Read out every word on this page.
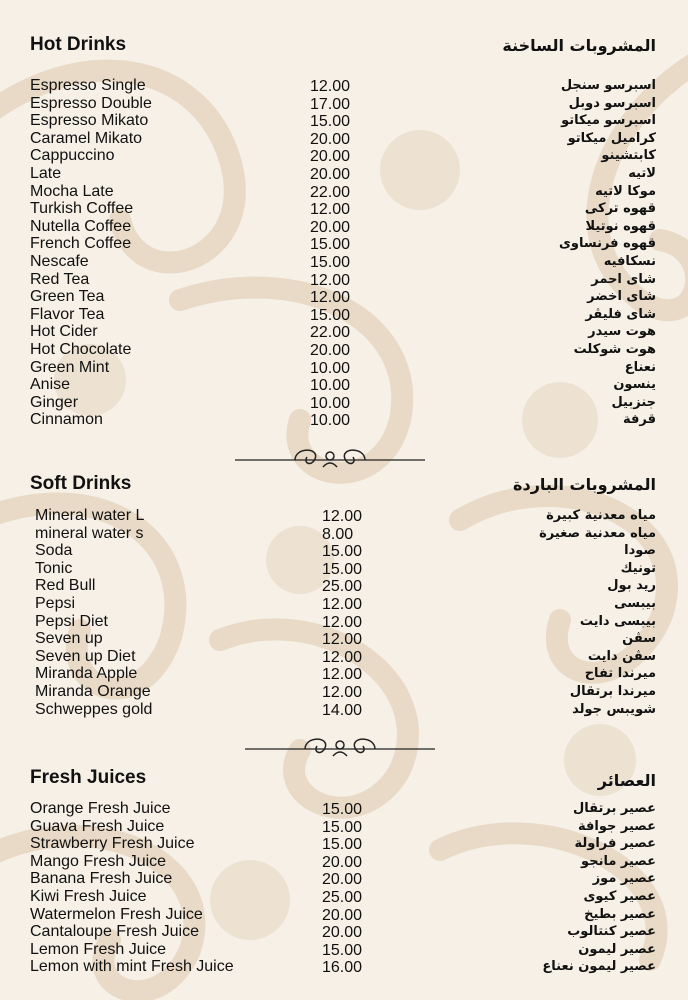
Hot Drinks	المشروبات الساخنة
Espresso Single	12.00	اسبرسو سنجل
Espresso Double	17.00	اسبرسو دوبل
Espresso Mikato	15.00	اسبرسو ميكاتو
Caramel Mikato	20.00	كراميل ميكاتو
Cappuccino	20.00	كابتشينو
Late	20.00	لاتيه
Mocha Late	22.00	موكا لاتيه
Turkish Coffee	12.00	قهوه تركى
Nutella Coffee	20.00	قهوه نوتيلا
French Coffee	15.00	قهوه فرنساوى
Nescafe	15.00	نسكافيه
Red Tea	12.00	شاى احمر
Green Tea	12.00	شاى اخضر
Flavor Tea	15.00	شاى فليڤر
Hot Cider	22.00	هوت سيدر
Hot Chocolate	20.00	هوت شوكلت
Green Mint	10.00	نعناع
Anise	10.00	ينسون
Ginger	10.00	جنزبيل
Cinnamon	10.00	قرفة
Soft Drinks	المشروبات الباردة
Mineral water L	12.00	مياه معدنية كبيرة
mineral water s	8.00	مياه معدنية صغيرة
Soda	15.00	صودا
Tonic	15.00	تونيك
Red Bull	25.00	ريد بول
Pepsi	12.00	بيبسى
Pepsi Diet	12.00	بيبسى دايت
Seven up	12.00	سڤن
Seven up Diet	12.00	سڤن دايت
Miranda Apple	12.00	ميرندا تفاح
Miranda Orange	12.00	ميرندا برتقال
Schweppes gold	14.00	شويبس جولد
Fresh Juices	العصائر
Orange Fresh Juice	15.00	عصير برتقال
Guava Fresh Juice	15.00	عصير جوافة
Strawberry Fresh Juice	15.00	عصير فراولة
Mango Fresh Juice	20.00	عصير مانجو
Banana Fresh Juice	20.00	عصير موز
Kiwi Fresh Juice	25.00	عصير كيوى
Watermelon Fresh Juice	20.00	عصير بطيخ
Cantaloupe Fresh Juice	20.00	عصير كنتالوب
Lemon Fresh Juice	15.00	عصير ليمون
Lemon with mint Fresh Juice	16.00	عصير ليمون نعناع
